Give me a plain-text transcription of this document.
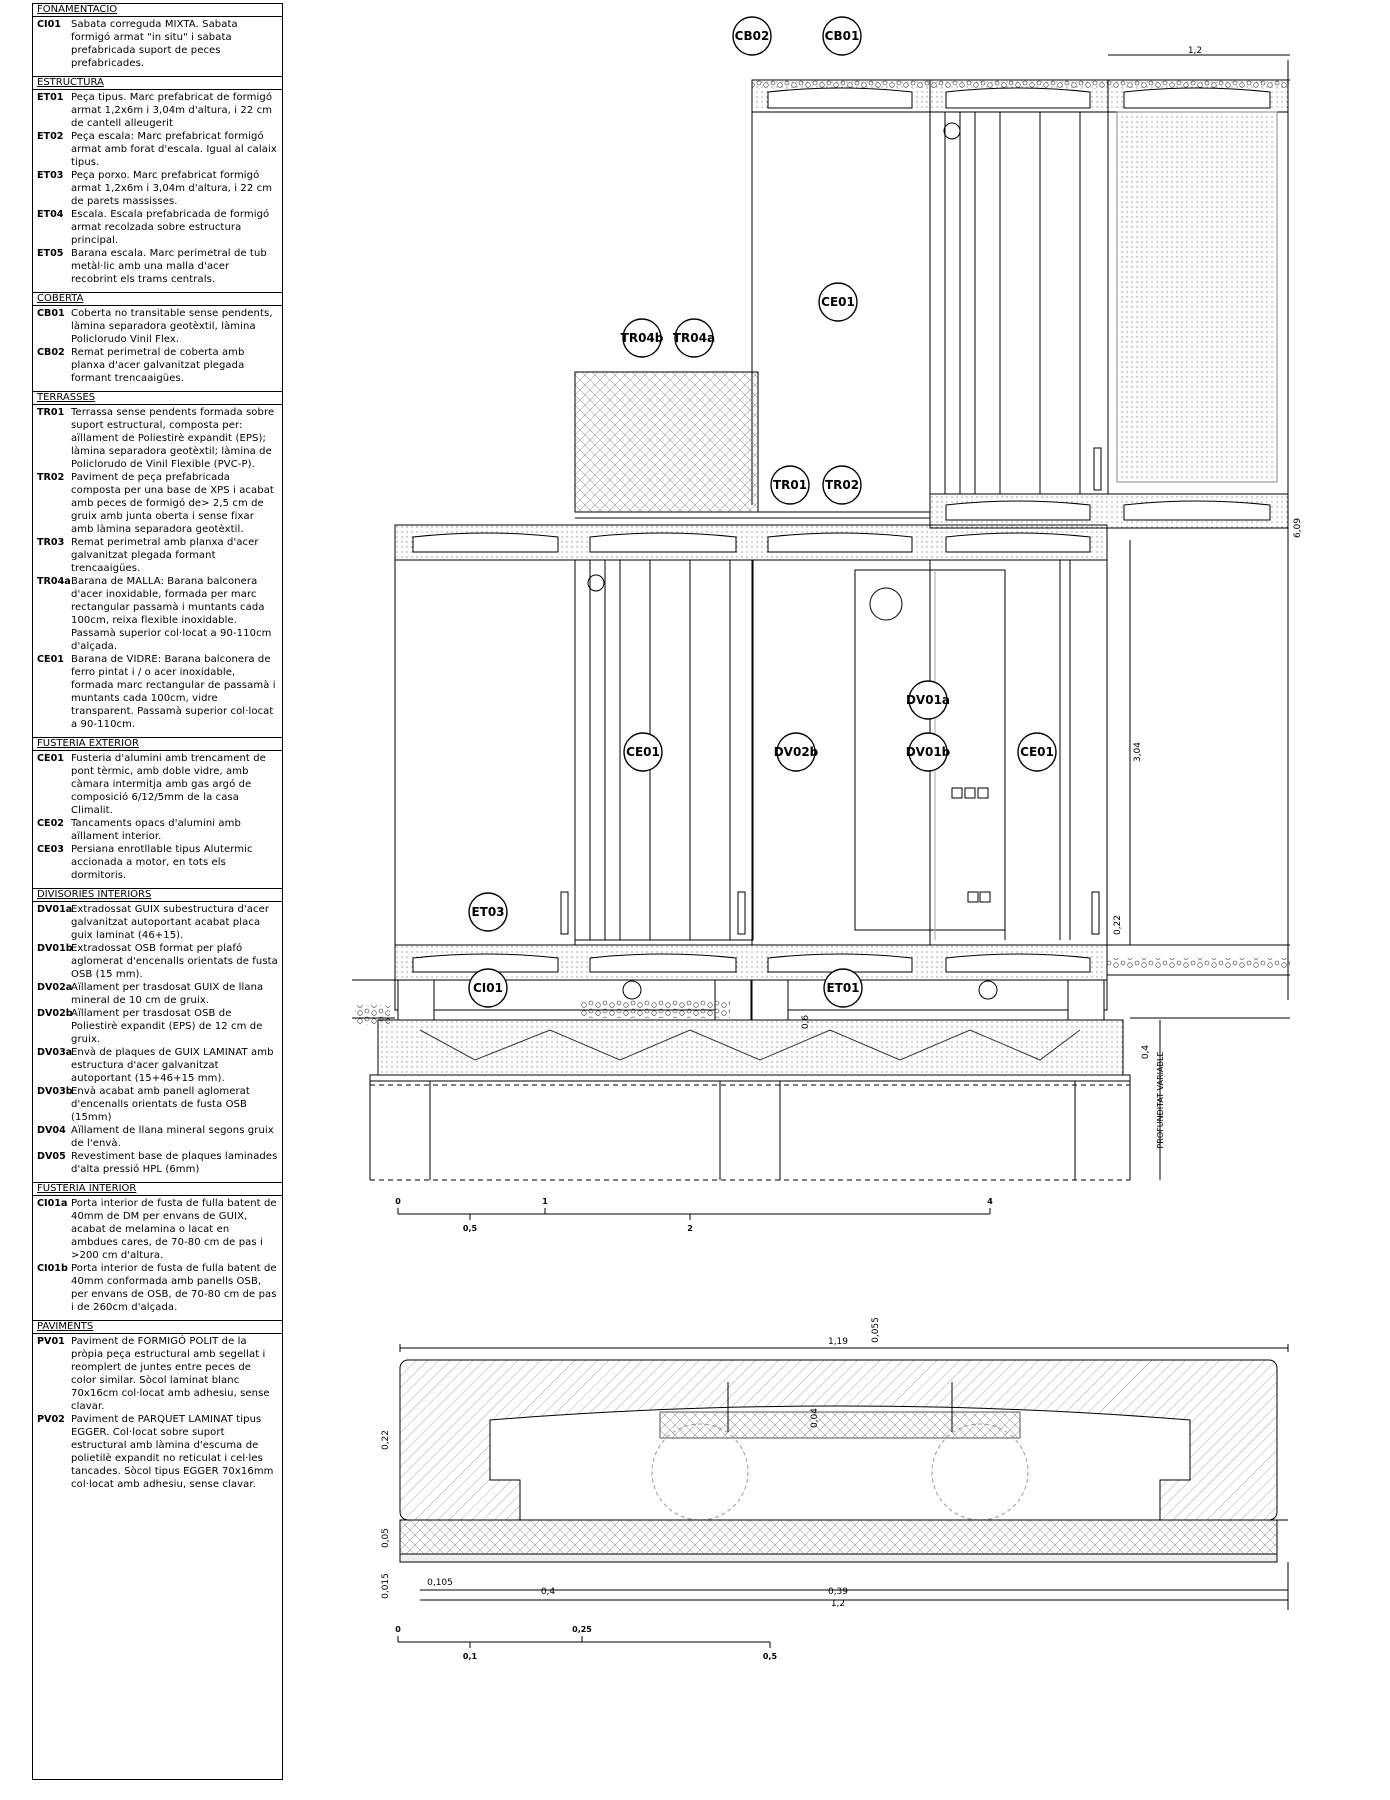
FONAMENTACIO
CI01	Sabata correguda MIXTA. Sabata formigó armat "in situ" i sabata prefabricada suport de peces prefabricades.
ESTRUCTURA
ET01 Peça tipus. Marc prefabricat de formigó armat 1,2x6m i 3,04m d'altura, i 22 cm de cantell alleugerit
ET02 Peça escala: Marc prefabricat formigó armat amb forat d'escala. Igual al calaix tipus.
ET03 Peça porxo. Marc prefabricat formigó armat 1,2x6m i 3,04m d'altura, i 22 cm de parets massisses.
ET04 Escala. Escala prefabricada de formigó armat recolzada sobre estructura principal.
ET05 Barana escala. Marc perimetral de tub metàl·lic amb una malla d'acer recobrint els trams centrals.
COBERTA
CB01 Coberta no transitable sense pendents, làmina separadora geotèxtil, làmina Policlorudo Vinil Flex.
CB02 Remat perimetral de coberta amb planxa d'acer galvanitzat plegada formant trencaaigües.
TERRASSES
TR01 Terrassa sense pendents formada sobre suport estructural, composta per: aïllament de Poliestirè expandit (EPS); làmina separadora geotèxtil; làmina de Policlorudo de Vinil Flexible (PVC-P).
TR02 Paviment de peça prefabricada composta per una base de XPS i acabat amb peces de formigó de> 2,5 cm de gruix amb junta oberta i sense fixar amb làmina separadora geotèxtil.
TR03 Remat perimetral amb planxa d'acer galvanitzat plegada formant trencaaigües.
TR04a Barana de MALLA: Barana balconera d'acer inoxidable, formada per marc rectangular passamà i muntants cada 100cm, reixa flexible inoxidable. Passamà superior col·locat a 90-110cm d'alçada.
CE01 Barana de VIDRE: Barana balconera de ferro pintat i / o acer inoxidable, formada marc rectangular de passamà i muntants cada 100cm, vidre transparent. Passamà superior col·locat a 90-110cm.
FUSTERIA EXTERIOR
CE01 Fusteria d'alumini amb trencament de pont tèrmic, amb doble vidre, amb càmara intermitja amb gas argó de composició 6/12/5mm de la casa Climalit.
CE02 Tancaments opacs d'alumini amb aïllament interior.
CE03 Persiana enrotllable tipus Alutermic accionada a motor, en tots els dormitoris.
DIVISORIES INTERIORS
DV01a
Extradossat GUIX subestructura d'acer galvanitzat autoportant acabat placa guix laminat (46+15).
DV01b
Extradossat OSB format per plafó aglomerat d'encenalls orientats de fusta OSB (15 mm).
DV02a
Aïllament per trasdosat GUIX de llana mineral de 10 cm de gruix.
DV02b
Aïllament per trasdosat OSB de Poliestirè expandit (EPS) de 12 cm de gruix.
DV03a
Envà de plaques de GUIX LAMINAT amb estructura d'acer galvanitzat autoportant (15+46+15 mm).
DV03b
Envà acabat amb panell aglomerat d'encenalls orientats de fusta OSB (15mm)
DV04 Aïllament de llana mineral segons gruix de l'envà.
DV05 Revestiment base de plaques laminades d'alta pressió HPL (6mm)
FUSTERIA INTERIOR
CI01a Porta interior de fusta de fulla batent de 40mm de DM per envans de GUIX, acabat de melamina o lacat en ambdues cares, de 70-80 cm de pas i >200 cm d'altura.
CI01b Porta interior de fusta de fulla batent de 40mm conformada amb panells OSB, per envans de OSB, de 70-80 cm de pas i de 260cm d'alçada.
PAVIMENTS
PV01 Paviment de FORMIGÓ POLIT de la pròpia peça estructural amb segellat i reomplert de juntes entre peces de color similar. Sòcol laminat blanc 70x16cm col·locat amb adhesiu, sense clavar.
PV02 Paviment de PARQUET LAMINAT tipus EGGER. Col·locat sobre suport estructural amb làmina d'escuma de polietilè expandit no reticulat i cel·les tancades. Sòcol tipus EGGER 70x16mm col·locat amb adhesiu, sense clavar.
CB02	CB01
CE01
TR04b TR04a
TR01 TR02
CE01	DV02b
DV01a
DV01b	CE01
ET03
CI01	ET01
1,2
6,09
3,04
0,22
0,6
0,4 PROFUNDITAT VARIABLE
0	1	4
0,5	2
1,19	0,055
0,22
0,04
0,05
0,015	0,105
0,4	0,39
1,2
0	0,25
0,1	0,5
